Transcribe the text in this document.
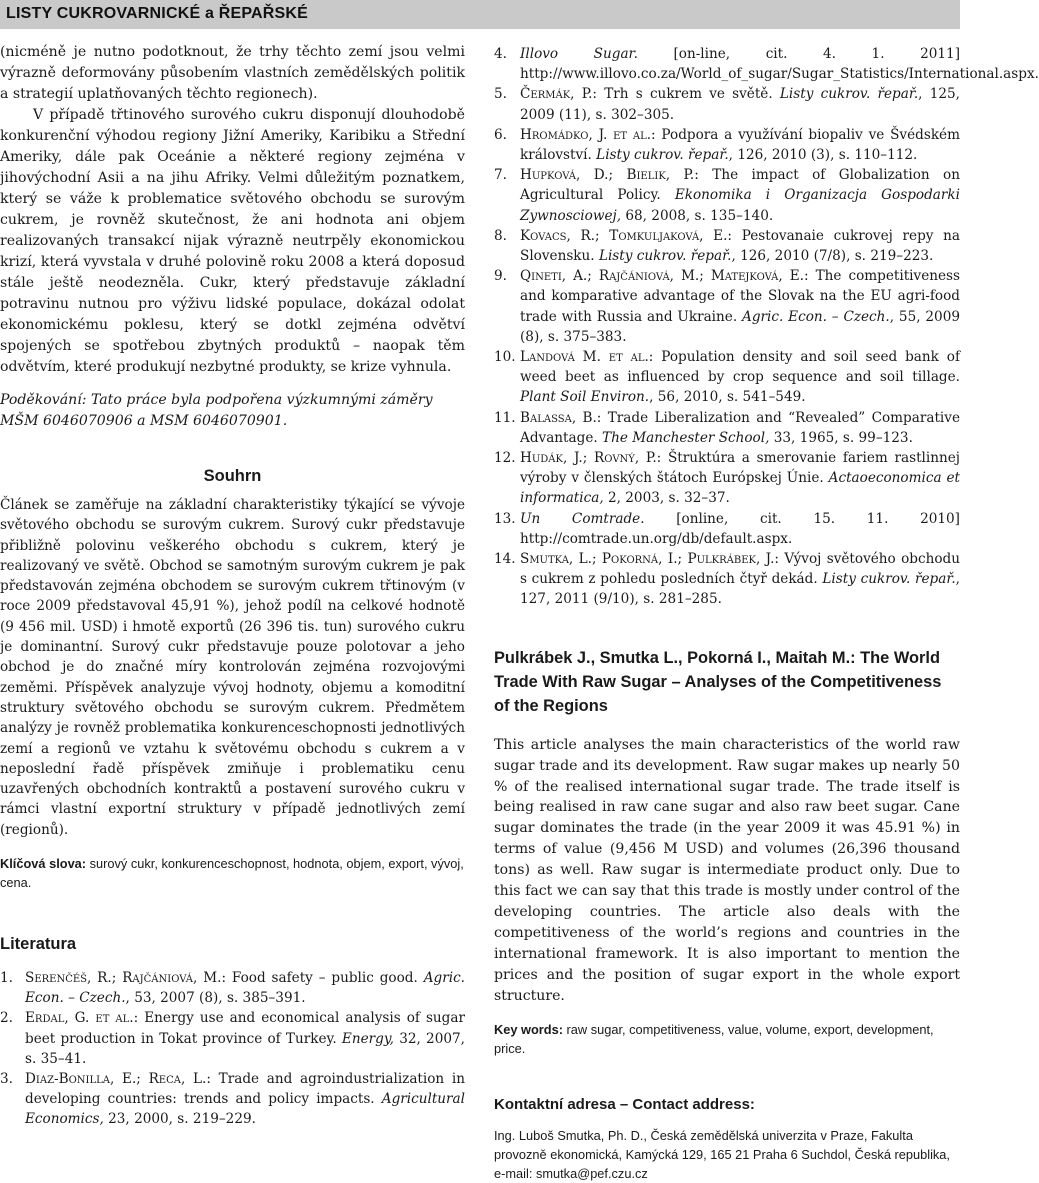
LISTY CUKROVARNICKÉ a ŘEPAŘSKÉ

(nicméně je nutno podotknout, že trhy těchto zemí jsou velmi výrazně deformovány působením vlastních zemědělských politik a strategií uplatňovaných těchto regionech).

V případě třtinového surového cukru disponují dlouhodobě konkurenční výhodou regiony Jižní Ameriky, Karibiku a Střední Ameriky, dále pak Oceánie a některé regiony zejména v jihovýchodní Asii a na jihu Afriky. Velmi důležitým poznatkem, který se váže k problematice světového obchodu se surovým cukrem, je rovněž skutečnost, že ani hodnota ani objem realizovaných transakcí nijak výrazně neutrpěly ekonomickou krizí, která vyvstala v druhé polovině roku 2008 a která doposud stále ještě neodezněla. Cukr, který představuje základní potravinu nutnou pro výživu lidské populace, dokázal odolat ekonomickému poklesu, který se dotkl zejména odvětví spojených se spotřebou zbytných produktů – naopak těm odvětvím, které produkují nezbytné produkty, se krize vyhnula.

Poděkování: Tato práce byla podpořena výzkumnými záměry MŠM 6046070906 a MSM 6046070901.

Souhrn

Článek se zaměřuje na základní charakteristiky týkající se vývoje světového obchodu se surovým cukrem. Surový cukr představuje přibližně polovinu veškerého obchodu s cukrem, který je realizovaný ve světě. Obchod se samotným surovým cukrem je pak představován zejména obchodem se surovým cukrem třtinovým (v roce 2009 představoval 45,91 %), jehož podíl na celkové hodnotě (9 456 mil. USD) i hmotě exportů (26 396 tis. tun) surového cukru je dominantní. Surový cukr představuje pouze polotovar a jeho obchod je do značné míry kontrolován zejména rozvojovými zeměmi. Příspěvek analyzuje vývoj hodnoty, objemu a komoditní struktury světového obchodu se surovým cukrem. Předmětem analýzy je rovněž problematika konkurenceschopnosti jednotlivých zemí a regionů ve vztahu k světovému obchodu s cukrem a v neposlední řadě příspěvek zmiňuje i problematiku cenu uzavřených obchodních kontraktů a postavení surového cukru v rámci vlastní exportní struktury v případě jednotlivých zemí (regionů).

Klíčová slova: surový cukr, konkurenceschopnost, hodnota, objem, export, vývoj, cena.

Literatura
1. Serenčéš, R.; Rajčániová, M.: Food safety – public good. Agric. Econ. – Czech., 53, 2007 (8), s. 385–391.
2. Erdal, G. et al.: Energy use and economical analysis of sugar beet production in Tokat province of Turkey. Energy, 32, 2007, s. 35–41.
3. Diaz-Bonilla, E.; Reca, L.: Trade and agroindustrialization in developing countries: trends and policy impacts. Agricultural Economics, 23, 2000, s. 219–229.
4. Illovo Sugar. [on-line, cit. 4. 1. 2011] http://www.illovo.co.za/World_of_sugar/Sugar_Statistics/International.aspx.
5. Čermák, P.: Trh s cukrem ve světě. Listy cukrov. řepař., 125, 2009 (11), s. 302–305.
6. Hromádko, J. et al.: Podpora a využívání biopaliv ve Švédském království. Listy cukrov. řepař., 126, 2010 (3), s. 110–112.
7. Hupková, D.; Bielik, P.: The impact of Globalization on Agricultural Policy. Ekonomika i Organizacja Gospodarki Zywnosciowej, 68, 2008, s. 135–140.
8. Kovacs, R.; Tomkuljaková, E.: Pestovanaie cukrovej repy na Slovensku. Listy cukrov. řepař., 126, 2010 (7/8), s. 219–223.
9. Qineti, A.; Rajčániová, M.; Matejková, E.: The competitiveness and komparative advantage of the Slovak na the EU agri-food trade with Russia and Ukraine. Agric. Econ. – Czech., 55, 2009 (8), s. 375–383.
10. Landová M. et al.: Population density and soil seed bank of weed beet as influenced by crop sequence and soil tillage. Plant Soil Environ., 56, 2010, s. 541–549.
11. Balassa, B.: Trade Liberalization and “Revealed” Comparative Advantage. The Manchester School, 33, 1965, s. 99–123.
12. Hudák, J.; Rovný, P.: Štruktúra a smerovanie fariem rastlinnej výroby v členských štátoch Európskej Únie. Actaoeconomica et informatica, 2, 2003, s. 32–37.
13. Un Comtrade. [online, cit. 15. 11. 2010] http://comtrade.un.org/db/default.aspx.
14. Smutka, L.; Pokorná, I.; Pulkrábek, J.: Vývoj světového obchodu s cukrem z pohledu posledních čtyř dekád. Listy cukrov. řepař., 127, 2011 (9/10), s. 281–285.
Pulkrábek J., Smutka L., Pokorná I., Maitah M.: The World Trade With Raw Sugar – Analyses of the Competitiveness of the Regions

This article analyses the main characteristics of the world raw sugar trade and its development. Raw sugar makes up nearly 50 % of the realised international sugar trade. The trade itself is being realised in raw cane sugar and also raw beet sugar. Cane sugar dominates the trade (in the year 2009 it was 45.91 %) in terms of value (9,456 M USD) and volumes (26,396 thousand tons) as well. Raw sugar is intermediate product only. Due to this fact we can say that this trade is mostly under control of the developing countries. The article also deals with the competitiveness of the world’s regions and countries in the international framework. It is also important to mention the prices and the position of sugar export in the whole export structure.

Key words: raw sugar, competitiveness, value, volume, export, development, price.

Kontaktní adresa – Contact address:

Ing. Luboš Smutka, Ph. D., Česká zemědělská univerzita v Praze, Fakulta provozně ekonomická, Kamýcká 129, 165 21 Praha 6 Suchdol, Česká republika, e-mail: smutka@pef.czu.cz
